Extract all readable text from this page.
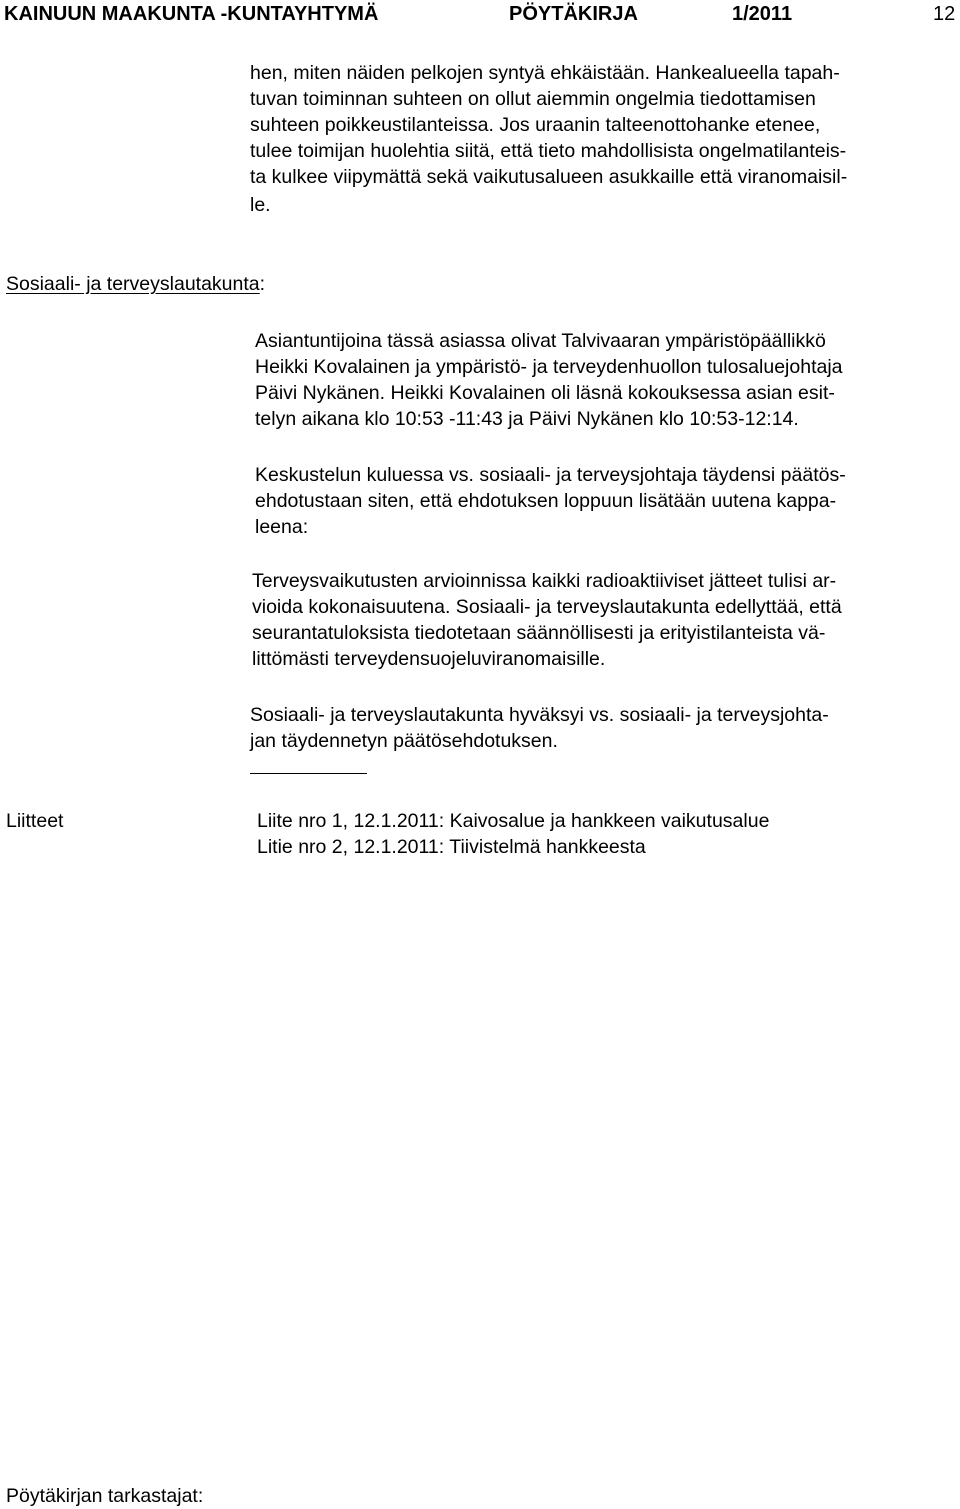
KAINUUN MAAKUNTA -KUNTAYHTYMÄ	PÖYTÄKIRJA	1/2011	12
hen, miten näiden pelkojen syntyä ehkäistään. Hankealueella tapah-
tuvan toiminnan suhteen on ollut aiemmin ongelmia tiedottamisen
suhteen poikkeustilanteissa. Jos uraanin talteenottohanke etenee,
tulee toimijan huolehtia siitä, että tieto mahdollisista ongelmatilanteis-
ta kulkee viipymättä sekä vaikutusalueen asukkaille että viranomaisil-
le.
Sosiaali- ja terveyslautakunta:
Asiantuntijoina tässä asiassa olivat Talvivaaran ympäristöpäällikkö
Heikki Kovalainen ja ympäristö- ja terveydenhuollon tulosaluejohtaja
Päivi Nykänen. Heikki Kovalainen oli läsnä kokouksessa asian esit-
telyn aikana klo 10:53 -11:43 ja Päivi Nykänen klo 10:53-12:14.
Keskustelun kuluessa vs. sosiaali- ja terveysjohtaja täydensi päätös-
ehdotustaan siten, että ehdotuksen loppuun lisätään uutena kappa-
leena:
Terveysvaikutusten arvioinnissa kaikki radioaktiiviset jätteet tulisi ar-
vioida kokonaisuutena. Sosiaali- ja terveyslautakunta edellyttää, että
seurantatuloksista tiedotetaan säännöllisesti ja erityistilanteista vä-
littömästi terveydensuojeluviranomaisille.
Sosiaali- ja terveyslautakunta hyväksyi vs. sosiaali- ja terveysjohta-
jan täydennetyn päätösehdotuksen.
Liitteet	Liite nro 1, 12.1.2011: Kaivosalue ja hankkeen vaikutusalue
Litie nro 2, 12.1.2011: Tiivistelmä hankkeesta
Pöytäkirjan tarkastajat:
